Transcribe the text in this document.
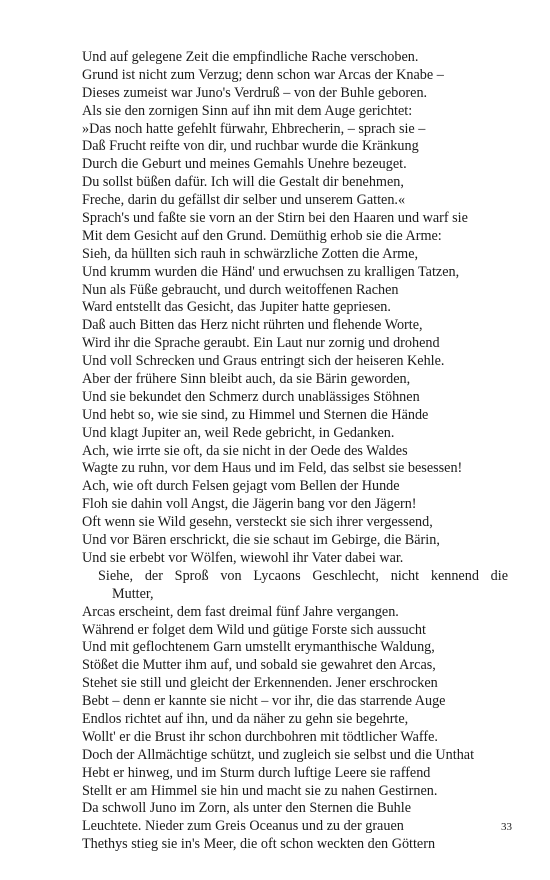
Und auf gelegene Zeit die empfindliche Rache verschoben.
Grund ist nicht zum Verzug; denn schon war Arcas der Knabe –
Dieses zumeist war Juno's Verdruß – von der Buhle geboren.
Als sie den zornigen Sinn auf ihn mit dem Auge gerichtet:
»Das noch hatte gefehlt fürwahr, Ehbrecherin, – sprach sie –
Daß Frucht reifte von dir, und ruchbar wurde die Kränkung
Durch die Geburt und meines Gemahls Unehre bezeuget.
Du sollst büßen dafür. Ich will die Gestalt dir benehmen,
Freche, darin du gefällst dir selber und unserem Gatten.«
Sprach's und faßte sie vorn an der Stirn bei den Haaren und warf sie
Mit dem Gesicht auf den Grund. Demüthig erhob sie die Arme:
Sieh, da hüllten sich rauh in schwärzliche Zotten die Arme,
Und krumm wurden die Händ' und erwuchsen zu kralligen Tatzen,
Nun als Füße gebraucht, und durch weitoffenen Rachen
Ward entstellt das Gesicht, das Jupiter hatte gepriesen.
Daß auch Bitten das Herz nicht rührten und flehende Worte,
Wird ihr die Sprache geraubt. Ein Laut nur zornig und drohend
Und voll Schrecken und Graus entringt sich der heiseren Kehle.
Aber der frühere Sinn bleibt auch, da sie Bärin geworden,
Und sie bekundet den Schmerz durch unablässiges Stöhnen
Und hebt so, wie sie sind, zu Himmel und Sternen die Hände
Und klagt Jupiter an, weil Rede gebricht, in Gedanken.
Ach, wie irrte sie oft, da sie nicht in der Oede des Waldes
Wagte zu ruhn, vor dem Haus und im Feld, das selbst sie besessen!
Ach, wie oft durch Felsen gejagt vom Bellen der Hunde
Floh sie dahin voll Angst, die Jägerin bang vor den Jägern!
Oft wenn sie Wild gesehn, versteckt sie sich ihrer vergessend,
Und vor Bären erschrickt, die sie schaut im Gebirge, die Bärin,
Und sie erbebt vor Wölfen, wiewohl ihr Vater dabei war.
Siehe, der Sproß von Lycaons Geschlecht, nicht kennend die
Mutter,
Arcas erscheint, dem fast dreimal fünf Jahre vergangen.
Während er folget dem Wild und gütige Forste sich aussucht
Und mit geflochtenem Garn umstellt erymanthische Waldung,
Stößet die Mutter ihm auf, und sobald sie gewahret den Arcas,
Stehet sie still und gleicht der Erkennenden. Jener erschrocken
Bebt – denn er kannte sie nicht – vor ihr, die das starrende Auge
Endlos richtet auf ihn, und da näher zu gehn sie begehrte,
Wollt' er die Brust ihr schon durchbohren mit tödtlicher Waffe.
Doch der Allmächtige schützt, und zugleich sie selbst und die Unthat
Hebt er hinweg, und im Sturm durch luftige Leere sie raffend
Stellt er am Himmel sie hin und macht sie zu nahen Gestirnen.
Da schwoll Juno im Zorn, als unter den Sternen die Buhle
Leuchtete. Nieder zum Greis Oceanus und zu der grauen
Thethys stieg sie in's Meer, die oft schon weckten den Göttern
33
